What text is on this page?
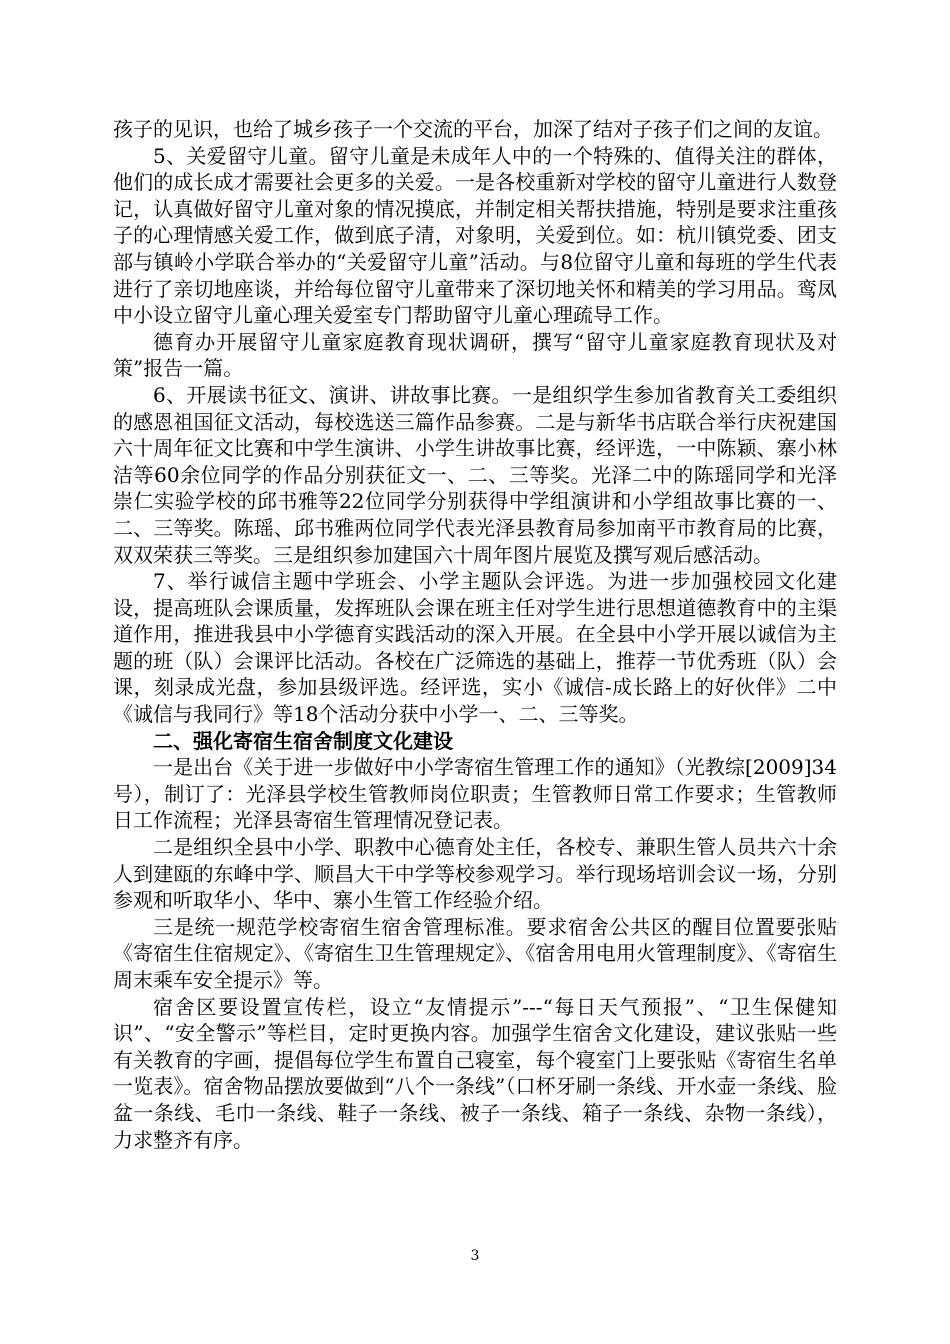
孩子的见识，也给了城乡孩子一个交流的平台，加深了结对子孩子们之间的友谊。

5、关爱留守儿童。留守儿童是未成年人中的一个特殊的、值得关注的群体，他们的成长成才需要社会更多的关爱。一是各校重新对学校的留守儿童进行人数登记，认真做好留守儿童对象的情况摸底，并制定相关帮扶措施，特别是要求注重孩子的心理情感关爱工作，做到底子清，对象明，关爱到位。如：杭川镇党委、团支部与镇岭小学联合举办的“关爱留守儿童”活动。与8位留守儿童和每班的学生代表进行了亲切地座谈，并给每位留守儿童带来了深切地关怀和精美的学习用品。鸾凤中小设立留守儿童心理关爱室专门帮助留守儿童心理疏导工作。

德育办开展留守儿童家庭教育现状调研，撰写“留守儿童家庭教育现状及对策”报告一篇。

6、开展读书征文、演讲、讲故事比赛。一是组织学生参加省教育关工委组织的感恩祖国征文活动，每校选送三篇作品参赛。二是与新华书店联合举行庆祝建国六十周年征文比赛和中学生演讲、小学生讲故事比赛，经评选，一中陈颖、寨小林洁等60余位同学的作品分别获征文一、二、三等奖。光泽二中的陈瑶同学和光泽崇仁实验学校的邱书雅等22位同学分别获得中学组演讲和小学组故事比赛的一、二、三等奖。陈瑶、邱书雅两位同学代表光泽县教育局参加南平市教育局的比赛，双双荣获三等奖。三是组织参加建国六十周年图片展览及撰写观后感活动。

7、举行诚信主题中学班会、小学主题队会评选。为进一步加强校园文化建设，提高班队会课质量，发挥班队会课在班主任对学生进行思想道德教育中的主渠道作用，推进我县中小学德育实践活动的深入开展。在全县中小学开展以诚信为主题的班（队）会课评比活动。各校在广泛筛选的基础上，推荐一节优秀班（队）会课，刻录成光盘，参加县级评选。经评选，实小《诚信-成长路上的好伙伴》二中《诚信与我同行》等18个活动分获中小学一、二、三等奖。

二、强化寄宿生宿舍制度文化建设

一是出台《关于进一步做好中小学寄宿生管理工作的通知》（光教综[2009]34号），制订了：光泽县学校生管教师岗位职责；生管教师日常工作要求；生管教师日工作流程；光泽县寄宿生管理情况登记表。

二是组织全县中小学、职教中心德育处主任，各校专、兼职生管人员共六十余人到建瓯的东峰中学、顺昌大干中学等校参观学习。举行现场培训会议一场，分别参观和听取华小、华中、寨小生管工作经验介绍。

三是统一规范学校寄宿生宿舍管理标准。要求宿舍公共区的醒目位置要张贴《寄宿生住宿规定》、《寄宿生卫生管理规定》、《宿舍用电用火管理制度》、《寄宿生周末乘车安全提示》等。

宿舍区要设置宣传栏，设立“友情提示”---“每日天气预报”、“卫生保健知识”、“安全警示”等栏目，定时更换内容。加强学生宿舍文化建设，建议张贴一些有关教育的字画，提倡每位学生布置自己寝室，每个寝室门上要张贴《寄宿生名单一览表》。宿舍物品摆放要做到“八个一条线”（口杯牙刷一条线、开水壶一条线、脸盆一条线、毛巾一条线、鞋子一条线、被子一条线、箱子一条线、杂物一条线），力求整齐有序。

3
